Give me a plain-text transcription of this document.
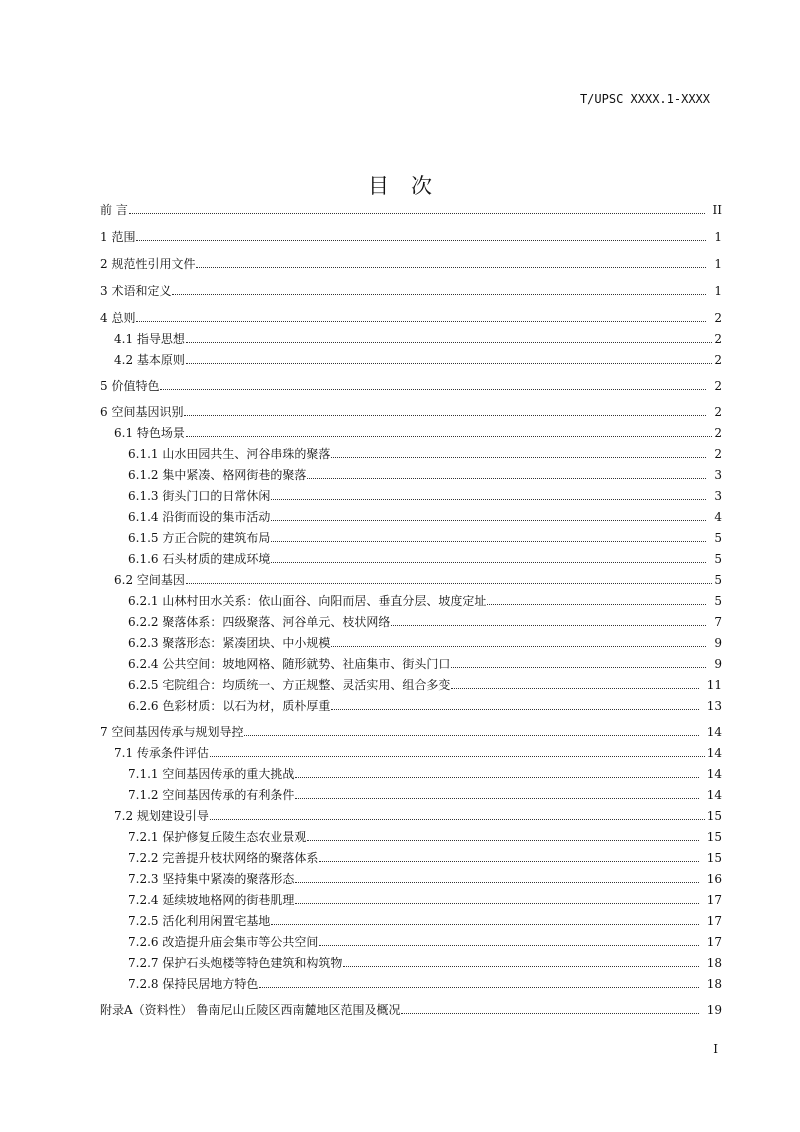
T/UPSC XXXX.1-XXXX
目次
前 言	II
1 范围	1
2 规范性引用文件	1
3 术语和定义	1
4 总则	2
4.1 指导思想	2
4.2 基本原则	2
5 价值特色	2
6 空间基因识别	2
6.1 特色场景	2
6.1.1 山水田园共生、河谷串珠的聚落	2
6.1.2 集中紧凑、格网街巷的聚落	3
6.1.3 街头门口的日常休闲	3
6.1.4 沿街而设的集市活动	4
6.1.5 方正合院的建筑布局	5
6.1.6 石头材质的建成环境	5
6.2 空间基因	5
6.2.1 山林村田水关系：依山面谷、向阳而居、垂直分层、坡度定址	5
6.2.2 聚落体系：四级聚落、河谷单元、枝状网络	7
6.2.3 聚落形态：紧凑团块、中小规模	9
6.2.4 公共空间：坡地网格、随形就势、社庙集市、街头门口	9
6.2.5 宅院组合：均质统一、方正规整、灵活实用、组合多变	11
6.2.6 色彩材质：以石为材，质朴厚重	13
7 空间基因传承与规划导控	14
7.1 传承条件评估	14
7.1.1 空间基因传承的重大挑战	14
7.1.2 空间基因传承的有利条件	14
7.2 规划建设引导	15
7.2.1 保护修复丘陵生态农业景观	15
7.2.2 完善提升枝状网络的聚落体系	15
7.2.3 坚持集中紧凑的聚落形态	16
7.2.4 延续坡地格网的街巷肌理	17
7.2.5 活化利用闲置宅基地	17
7.2.6 改造提升庙会集市等公共空间	17
7.2.7 保护石头炮楼等特色建筑和构筑物	18
7.2.8 保持民居地方特色	18
附录A（资料性） 鲁南尼山丘陵区西南麓地区范围及概况	19
I
